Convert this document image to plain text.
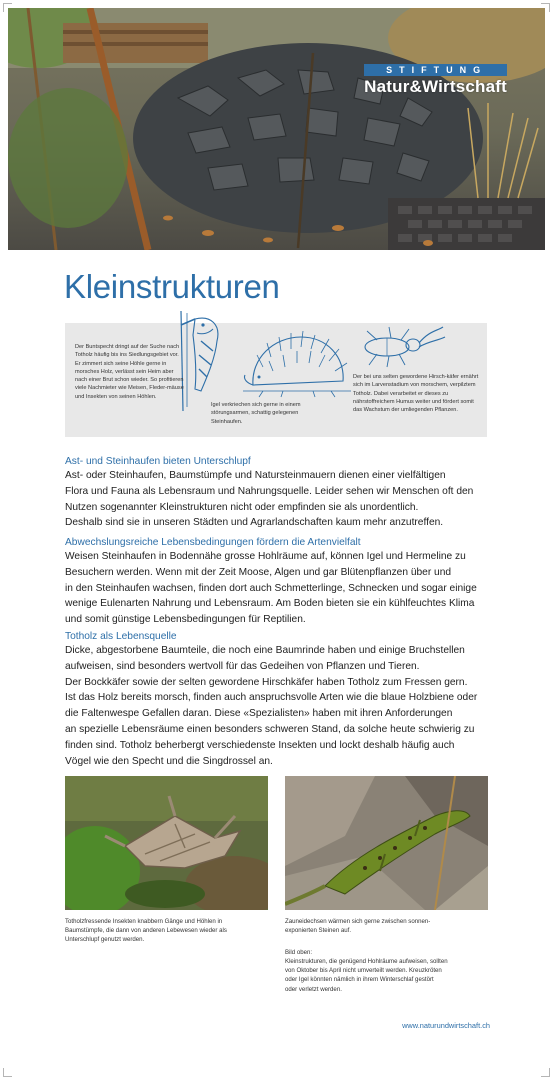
STIFTUNG
Natur&Wirtschaft
Kleinstrukturen
Der Buntspecht dringt auf der Suche nach Totholz häufig bis ins Siedlungsgebiet vor. Er zimmert sich seine Höhle gerne in morsches Holz, verlässt sein Heim aber nach einer Brut schon wieder. So profitieren viele Nachmieter wie Meisen, Fleder-mäuse und Insekten von seinen Höhlen.
Igel verkriechen sich gerne in einem störungsarmen, schattig gelegenen Steinhaufen.
Der bei uns selten gewordene Hirsch-käfer ernährt sich im Larvenstadium von morschem, verpilztem Totholz. Dabei verarbeitet er dieses zu nährstoffreichem Humus weiter und fördert somit das Wachstum der umliegenden Pflanzen.

Ast- und Steinhaufen bieten Unterschlupf

Ast- oder Steinhaufen, Baumstümpfe und Natursteinmauern dienen einer vielfältigen
Flora und Fauna als Lebensraum und Nahrungsquelle. Leider sehen wir Menschen oft den
Nutzen sogenannter Kleinstrukturen nicht oder empfinden sie als unordentlich.
Deshalb sind sie in unseren Städten und Agrarlandschaften kaum mehr anzutreffen.

Abwechslungsreiche Lebensbedingungen fördern die Artenvielfalt

Weisen Steinhaufen in Bodennähe grosse Hohlräume auf, können Igel und Hermeline zu
Besuchern werden. Wenn mit der Zeit Moose, Algen und gar Blütenpflanzen über und
in den Steinhaufen wachsen, finden dort auch Schmetterlinge, Schnecken und sogar einige
wenige Eulenarten Nahrung und Lebensraum. Am Boden bieten sie ein kühlfeuchtes Klima
und somit günstige Lebensbedingungen für Reptilien.

Totholz als Lebensquelle

Dicke, abgestorbene Baumteile, die noch eine Baumrinde haben und einige Bruchstellen
aufweisen, sind besonders wertvoll für das Gedeihen von Pflanzen und Tieren.
Der Bockkäfer sowie der selten gewordene Hirschkäfer haben Totholz zum Fressen gern.
Ist das Holz bereits morsch, finden auch anspruchsvolle Arten wie die blaue Holzbiene oder
die Faltenwespe Gefallen daran. Diese «Spezialisten» haben mit ihren Anforderungen
an spezielle Lebensräume einen besonders schweren Stand, da solche heute schwierig zu
finden sind. Totholz beherbergt verschiedenste Insekten und lockt deshalb häufig auch
Vögel wie den Specht und die Singdrossel an.

Totholzfressende Insekten knabbern Gänge und Höhlen in
Baumstümpfe, die dann von anderen Lebewesen wieder als
Unterschlupf genutzt werden.
Zauneidechsen wärmen sich gerne zwischen sonnen-
exponierten Steinen auf.
Bild oben:
Kleinstrukturen, die genügend Hohlräume aufweisen, sollten
von Oktober bis April nicht umverteilt werden. Kreuzkröten
oder Igel könnten nämlich in ihrem Winterschlaf gestört
oder verletzt werden.
www.naturundwirtschaft.ch
